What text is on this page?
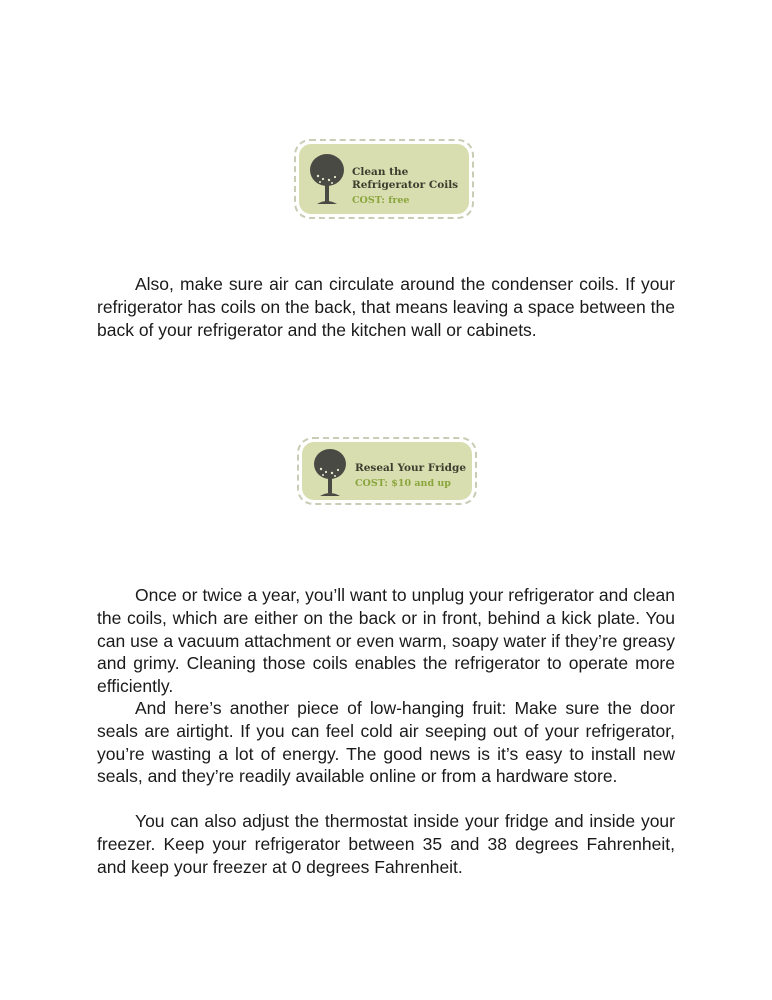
Clean the
Refrigerator Coils
COST: free

Also, make sure air can circulate around the condenser coils. If your refrigerator has coils on the back, that means leaving a space between the back of your refrigerator and the kitchen wall or cabinets.

Reseal Your Fridge
COST: $10 and up

Once or twice a year, you’ll want to unplug your refrigerator and clean the coils, which are either on the back or in front, behind a kick plate. You can use a vacuum attachment or even warm, soapy water if they’re greasy and grimy. Cleaning those coils enables the refrigerator to operate more efficiently.

And here’s another piece of low-hanging fruit: Make sure the door seals are airtight. If you can feel cold air seeping out of your refrigerator, you’re wasting a lot of energy. The good news is it’s easy to install new seals, and they’re readily available online or from a hardware store.

You can also adjust the thermostat inside your fridge and inside your freezer. Keep your refrigerator between 35 and 38 degrees Fahrenheit, and keep your freezer at 0 degrees Fahrenheit.
